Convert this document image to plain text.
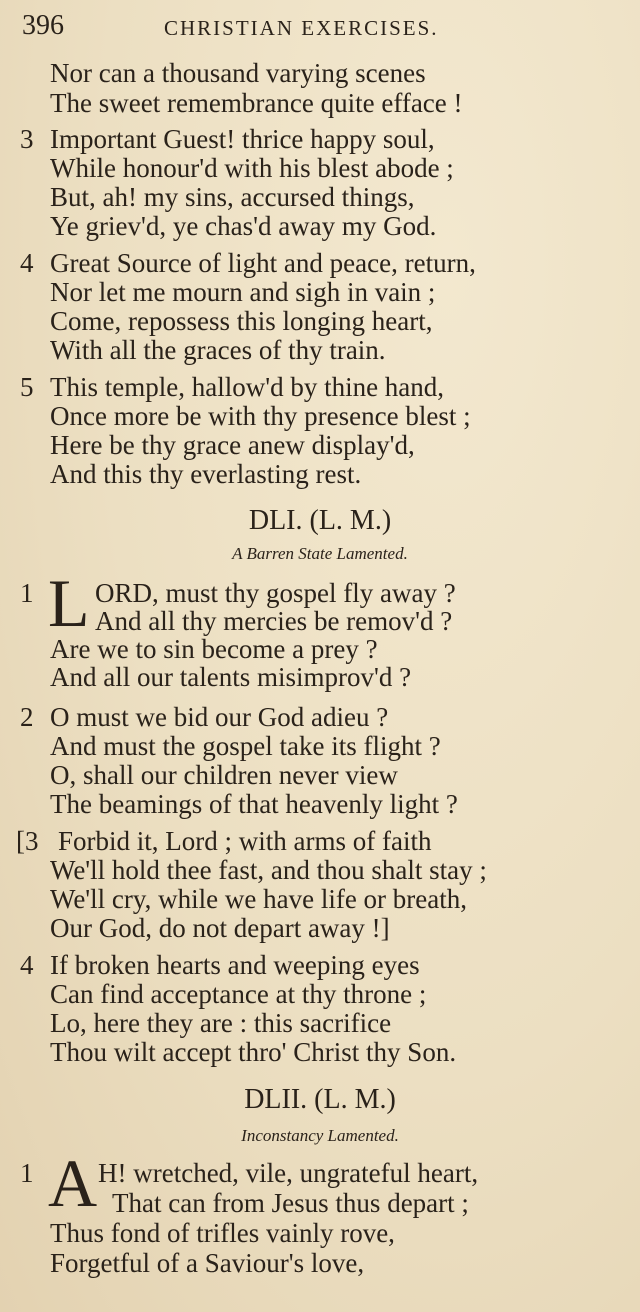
396	CHRISTIAN EXERCISES.
Nor can a thousand varying scenes
The sweet remembrance quite efface !
3 Important Guest! thrice happy soul,
While honour'd with his blest abode ;
But, ah! my sins, accursed things,
Ye griev'd, ye chas'd away my God.
4 Great Source of light and peace, return,
Nor let me mourn and sigh in vain ;
Come, repossess this longing heart,
With all the graces of thy train.
5 This temple, hallow'd by thine hand,
Once more be with thy presence blest ;
Here be thy grace anew display'd,
And this thy everlasting rest.
DLI. (L. M.)
A Barren State Lamented.
1 L ORD, must thy gospel fly away ?
And all thy mercies be remov'd ?
Are we to sin become a prey ?
And all our talents misimprov'd ?
2 O must we bid our God adieu ?
And must the gospel take its flight ?
O, shall our children never view
The beamings of that heavenly light ?
[3 Forbid it, Lord ; with arms of faith
We'll hold thee fast, and thou shalt stay ;
We'll cry, while we have life or breath,
Our God, do not depart away !]
4 If broken hearts and weeping eyes
Can find acceptance at thy throne ;
Lo, here they are : this sacrifice
Thou wilt accept thro' Christ thy Son.
DLII. (L. M.)
Inconstancy Lamented.
1 A H! wretched, vile, ungrateful heart,
That can from Jesus thus depart ;
Thus fond of trifles vainly rove,
Forgetful of a Saviour's love,
